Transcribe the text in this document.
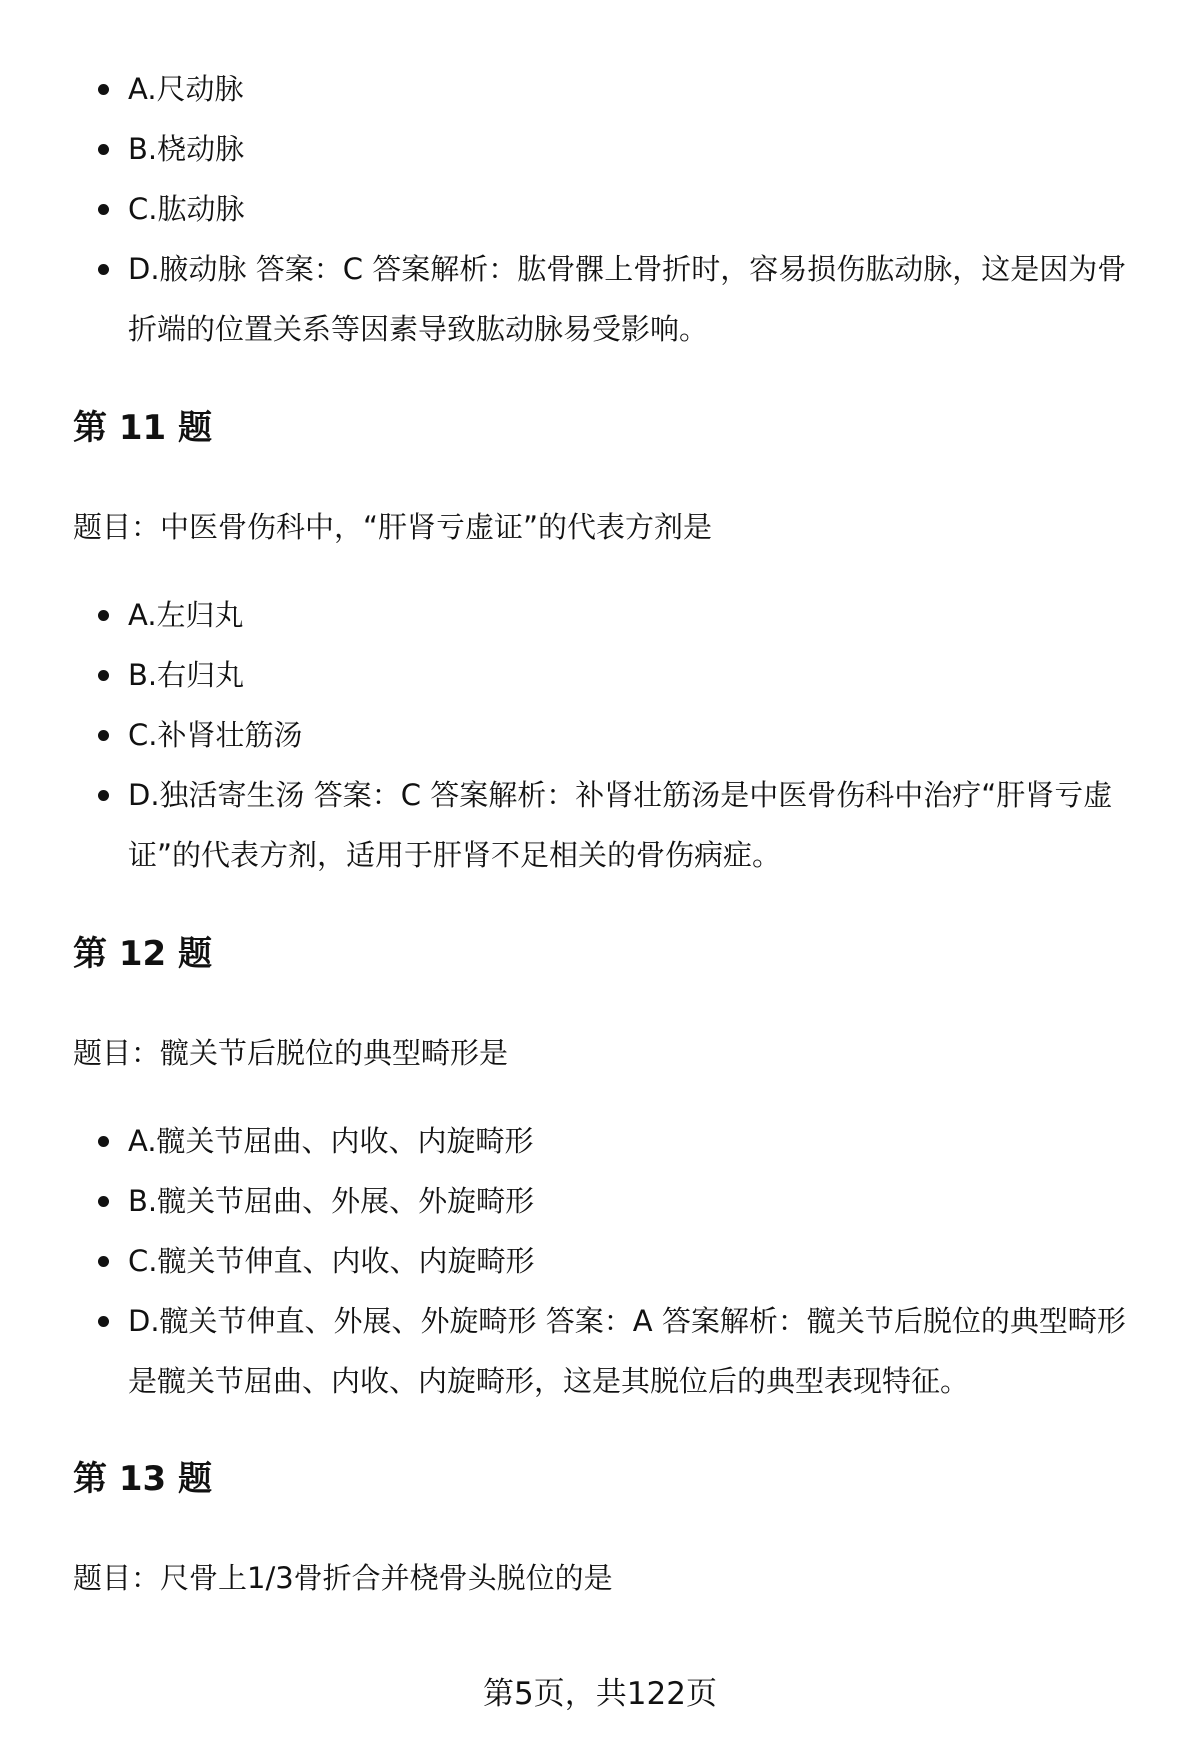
A.尺动脉
B.桡动脉
C.肱动脉
D.腋动脉 答案：C 答案解析：肱骨髁上骨折时，容易损伤肱动脉，这是因为骨折端的位置关系等因素导致肱动脉易受影响。
第 11 题

题目：中医骨伤科中，“肝肾亏虚证”的代表方剂是

A.左归丸
B.右归丸
C.补肾壮筋汤
D.独活寄生汤 答案：C 答案解析：补肾壮筋汤是中医骨伤科中治疗“肝肾亏虚证”的代表方剂，适用于肝肾不足相关的骨伤病症。
第 12 题

题目：髋关节后脱位的典型畸形是

A.髋关节屈曲、内收、内旋畸形
B.髋关节屈曲、外展、外旋畸形
C.髋关节伸直、内收、内旋畸形
D.髋关节伸直、外展、外旋畸形 答案：A 答案解析：髋关节后脱位的典型畸形是髋关节屈曲、内收、内旋畸形，这是其脱位后的典型表现特征。
第 13 题

题目：尺骨上1/3骨折合并桡骨头脱位的是

第5页，共122页
